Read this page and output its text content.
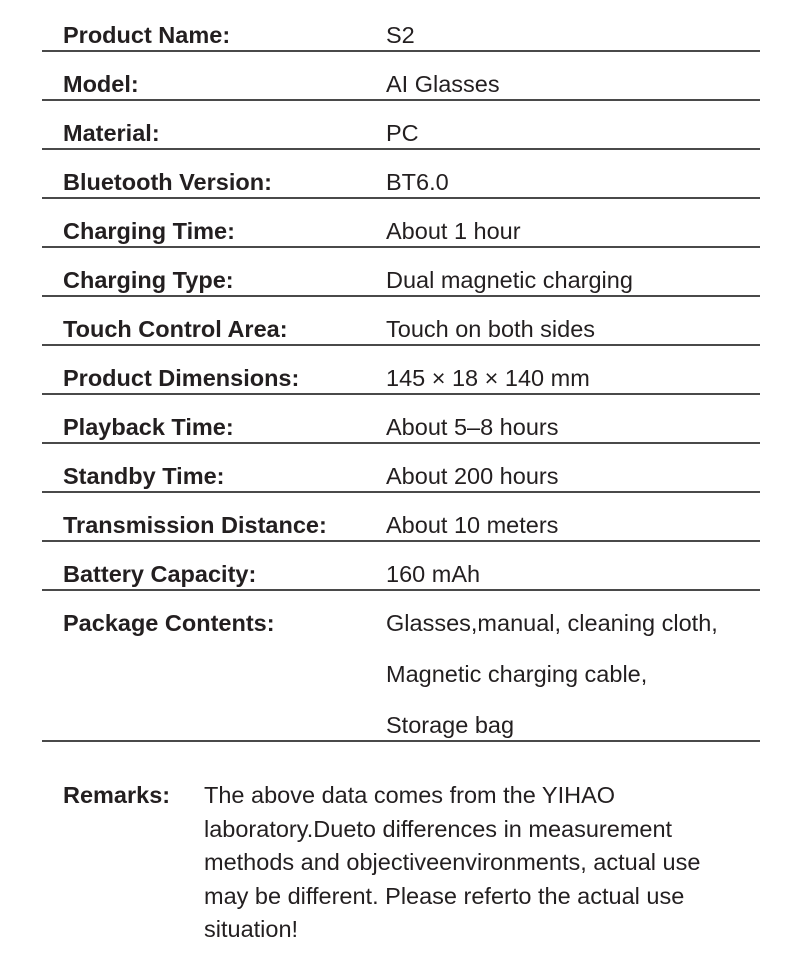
Product Name:	S2
Model:	AI Glasses
Material:	PC
Bluetooth Version:	BT6.0
Charging Time:	About 1 hour
Charging Type:	Dual magnetic charging
Touch Control Area:	Touch on both sides
Product Dimensions:	145 × 18 × 140 mm
Playback Time:	About 5–8 hours
Standby Time:	About 200 hours
Transmission Distance:	About 10 meters
Battery Capacity:	160 mAh
Package Contents:	Glasses,manual, cleaning cloth,
Magnetic charging cable,
Storage bag
Remarks: The above data comes from the YIHAO
laboratory.Dueto differences in measurement
methods and objectiveenvironments, actual use
may be different. Please referto the actual use
situation!
